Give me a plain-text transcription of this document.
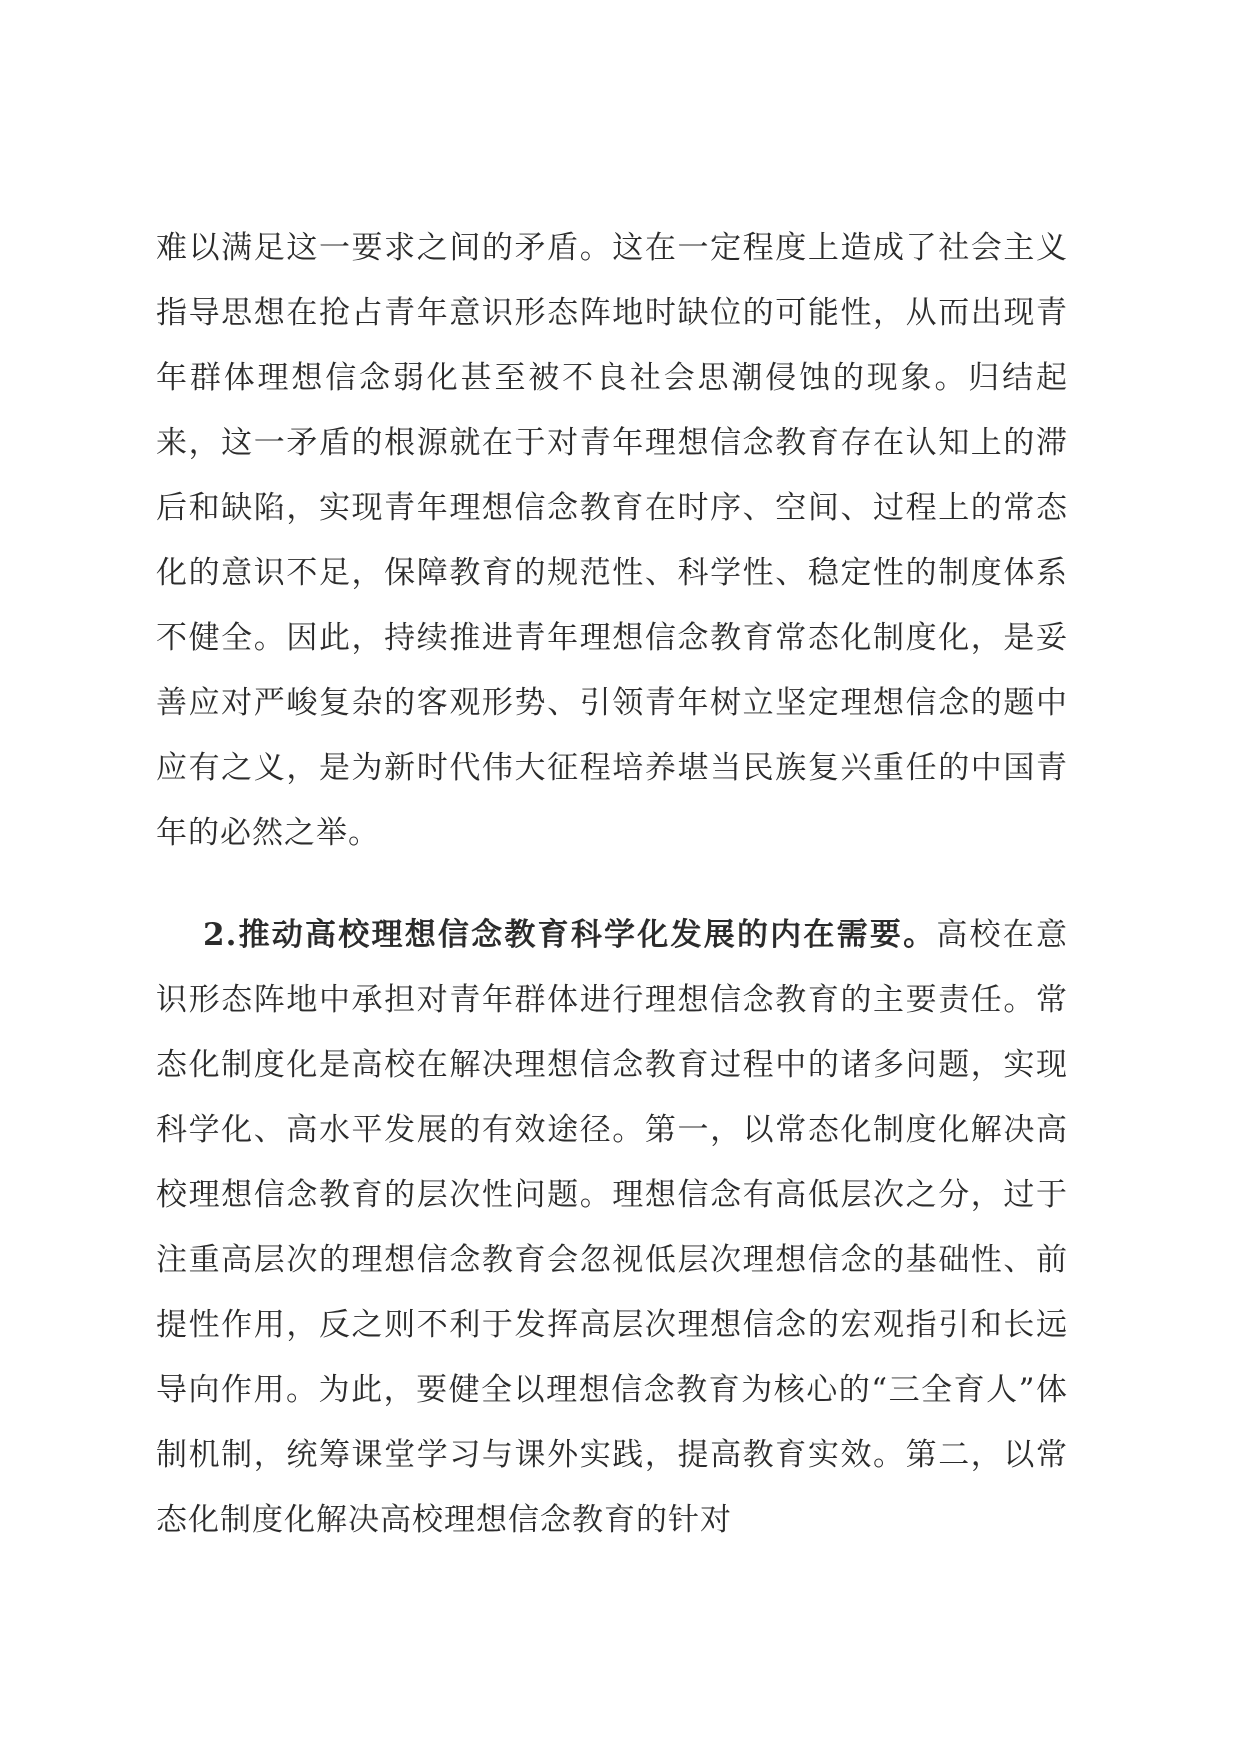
难以满足这一要求之间的矛盾。这在一定程度上造成了社会主义指导思想在抢占青年意识形态阵地时缺位的可能性，从而出现青年群体理想信念弱化甚至被不良社会思潮侵蚀的现象。归结起来，这一矛盾的根源就在于对青年理想信念教育存在认知上的滞后和缺陷，实现青年理想信念教育在时序、空间、过程上的常态化的意识不足，保障教育的规范性、科学性、稳定性的制度体系不健全。因此，持续推进青年理想信念教育常态化制度化，是妥善应对严峻复杂的客观形势、引领青年树立坚定理想信念的题中应有之义，是为新时代伟大征程培养堪当民族复兴重任的中国青年的必然之举。

2.推动高校理想信念教育科学化发展的内在需要。高校在意识形态阵地中承担对青年群体进行理想信念教育的主要责任。常态化制度化是高校在解决理想信念教育过程中的诸多问题，实现科学化、高水平发展的有效途径。第一，以常态化制度化解决高校理想信念教育的层次性问题。理想信念有高低层次之分，过于注重高层次的理想信念教育会忽视低层次理想信念的基础性、前提性作用，反之则不利于发挥高层次理想信念的宏观指引和长远导向作用。为此，要健全以理想信念教育为核心的“三全育人”体制机制，统筹课堂学习与课外实践，提高教育实效。第二，以常态化制度化解决高校理想信念教育的针对
